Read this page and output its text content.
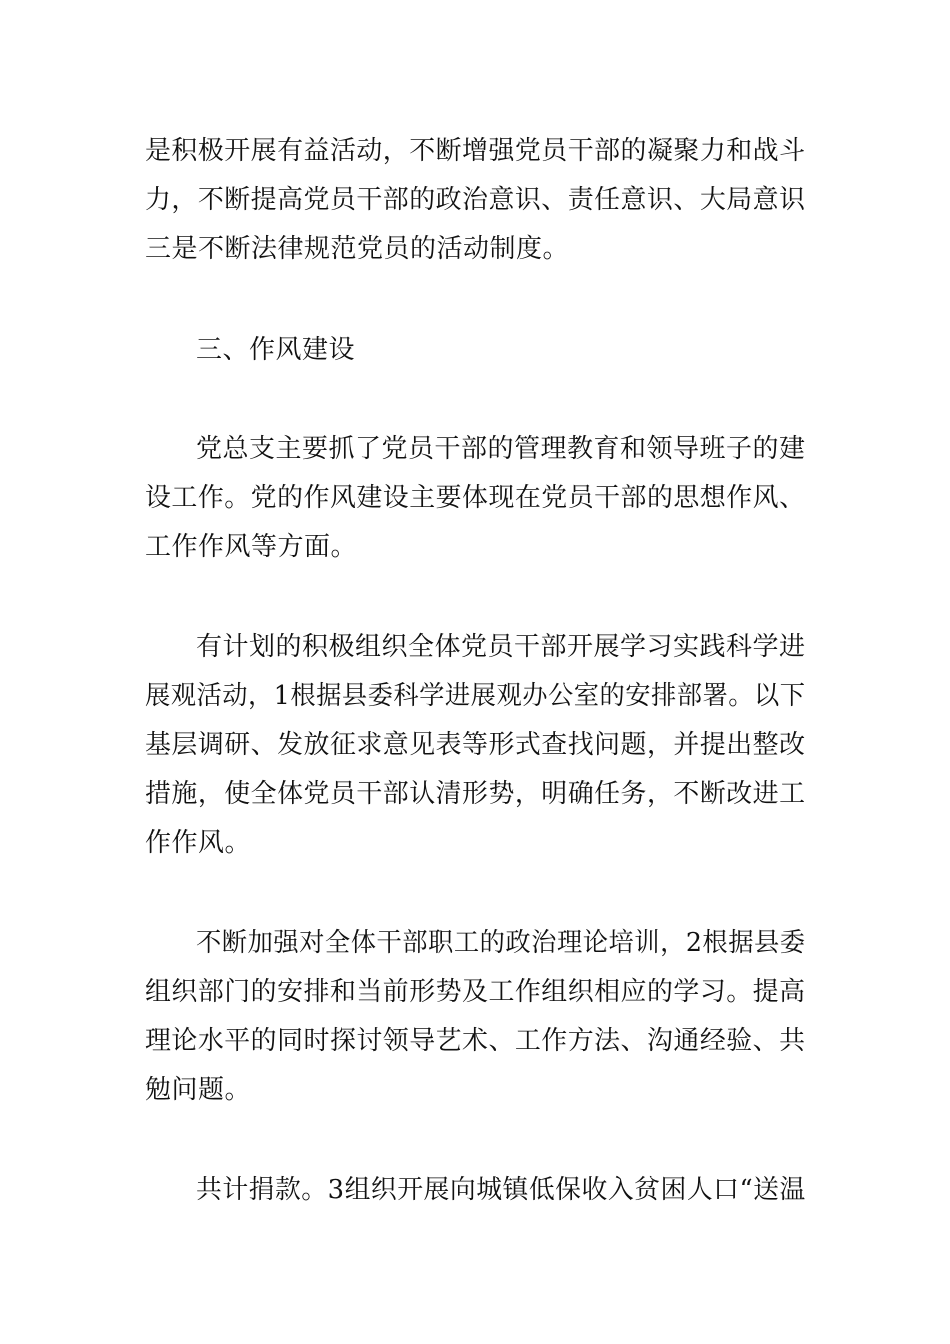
是积极开展有益活动，不断增强党员干部的凝聚力和战斗
力，不断提高党员干部的政治意识、责任意识、大局意识
三是不断法律规范党员的活动制度。
三、作风建设
党总支主要抓了党员干部的管理教育和领导班子的建
设工作。党的作风建设主要体现在党员干部的思想作风、
工作作风等方面。
有计划的积极组织全体党员干部开展学习实践科学进
展观活动，1根据县委科学进展观办公室的安排部署。以下
基层调研、发放征求意见表等形式查找问题，并提出整改
措施，使全体党员干部认清形势，明确任务，不断改进工
作作风。
不断加强对全体干部职工的政治理论培训，2根据县委
组织部门的安排和当前形势及工作组织相应的学习。提高
理论水平的同时探讨领导艺术、工作方法、沟通经验、共
勉问题。
共计捐款。3组织开展向城镇低保收入贫困人口“送温
